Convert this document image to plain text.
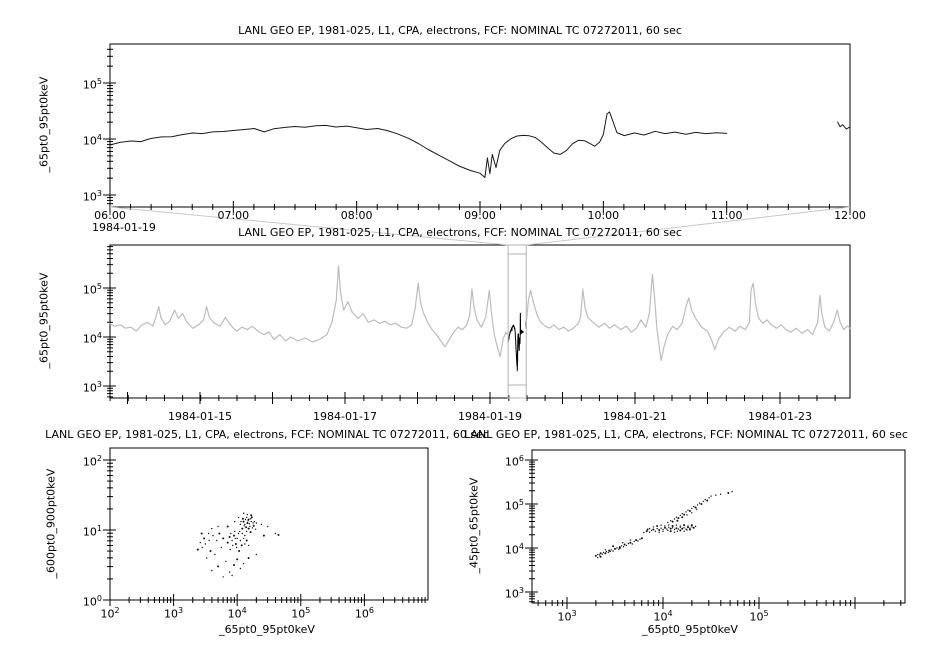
LANL GEO EP, 1981-025, L1, CPA, electrons, FCF: NOMINAL TC 07272011, 60 sec
LANL GEO EP, 1981-025, L1, CPA, electrons, FCF: NOMINAL TC 07272011, 60 sec
LANL GEO EP, 1981-025, L1, CPA, electrons, FCF: NOMINAL TC 07272011, 60 sec
LANL GEO EP, 1981-025, L1, CPA, electrons, FCF: NOMINAL TC 07272011, 60 sec
_65pt0_95pt0keV
_65pt0_95pt0keV
_600pt0_900pt0keV	_45pt0_65pt0keV
_65pt0_95pt0keV	_65pt0_95pt0keV
1984-01-19
06:00	07:00	08:00	09:00	10:00	11:00	12:00
$10^3$
$10^4$
$10^5$
1984-01-15	1984-01-17	1984-01-19	1984-01-21	1984-01-23
$10^3$
$10^4$
$10^5$
$10^2$	$10^3$	$10^4$	$10^5$	$10^6$
$10^0$
$10^1$
$10^2$
$10^3$	$10^4$	$10^5$
$10^3$
$10^4$
$10^5$
$10^6$
